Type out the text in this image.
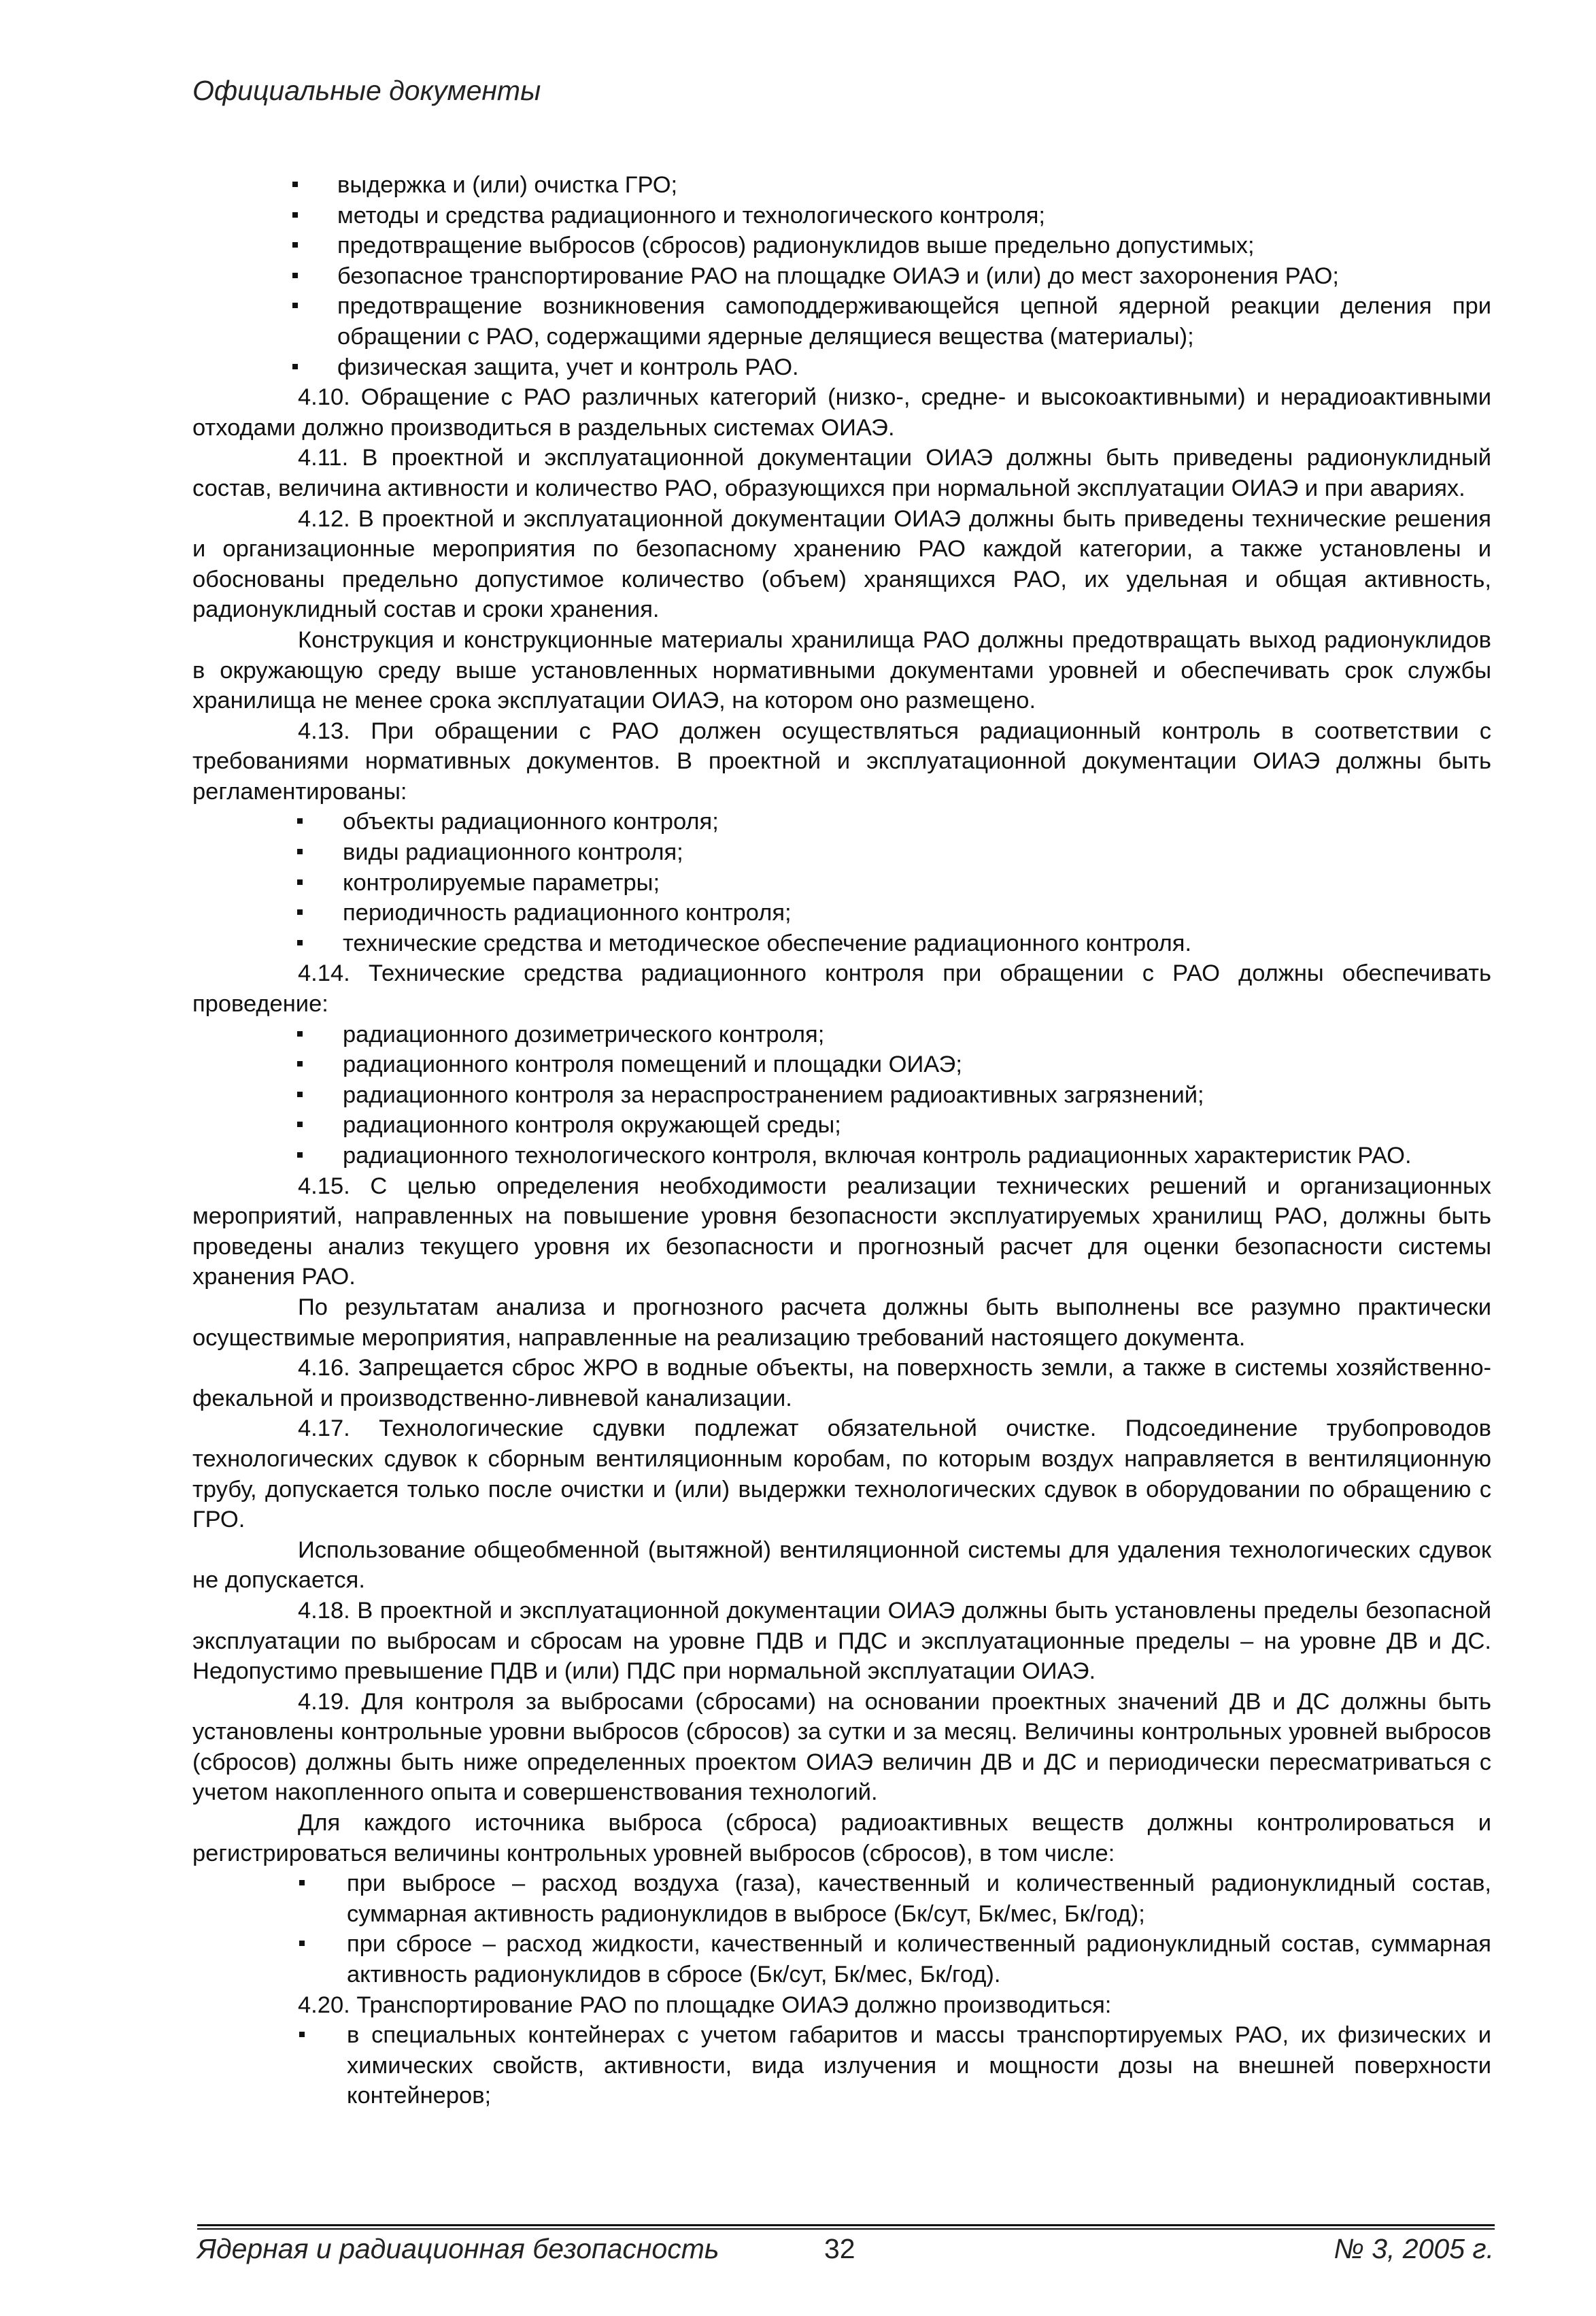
Официальные документы
выдержка и (или) очистка ГРО;
методы и средства радиационного и технологического контроля;
предотвращение выбросов (сбросов) радионуклидов выше предельно допустимых;
безопасное транспортирование РАО на площадке ОИАЭ и (или) до мест захоронения РАО;
предотвращение возникновения самоподдерживающейся цепной ядерной реакции деления при обращении с РАО, содержащими ядерные делящиеся вещества (материалы);
физическая защита, учет и контроль РАО.

4.10. Обращение с РАО различных категорий (низко-, средне- и высокоактивными) и нерадиоактивными отходами должно производиться в раздельных системах ОИАЭ.

4.11. В проектной и эксплуатационной документации ОИАЭ должны быть приведены радионуклидный состав, величина активности и количество РАО, образующихся при нормальной эксплуатации ОИАЭ и при авариях.

4.12. В проектной и эксплуатационной документации ОИАЭ должны быть приведены технические решения и организационные мероприятия по безопасному хранению РАО каждой категории, а также установлены и обоснованы предельно допустимое количество (объем) хранящихся РАО, их удельная и общая активность, радионуклидный состав и сроки хранения.

Конструкция и конструкционные материалы хранилища РАО должны предотвращать выход радионуклидов в окружающую среду выше установленных нормативными документами уровней и обеспечивать срок службы хранилища не менее срока эксплуатации ОИАЭ, на котором оно размещено.

4.13. При обращении с РАО должен осуществляться радиационный контроль в соответствии с требованиями нормативных документов. В проектной и эксплуатационной документации ОИАЭ должны быть регламентированы:

объекты радиационного контроля;
виды радиационного контроля;
контролируемые параметры;
периодичность радиационного контроля;
технические средства и методическое обеспечение радиационного контроля.

4.14. Технические средства радиационного контроля при обращении с РАО должны обеспечивать проведение:

радиационного дозиметрического контроля;
радиационного контроля помещений и площадки ОИАЭ;
радиационного контроля за нераспространением радиоактивных загрязнений;
радиационного контроля окружающей среды;
радиационного технологического контроля, включая контроль радиационных характеристик РАО.

4.15. С целью определения необходимости реализации технических решений и организационных мероприятий, направленных на повышение уровня безопасности эксплуатируемых хранилищ РАО, должны быть проведены анализ текущего уровня их безопасности и прогнозный расчет для оценки безопасности системы хранения РАО.

По результатам анализа и прогнозного расчета должны быть выполнены все разумно практически осуществимые мероприятия, направленные на реализацию требований настоящего документа.

4.16. Запрещается сброс ЖРО в водные объекты, на поверхность земли, а также в системы хозяйственно-фекальной и производственно-ливневой канализации.

4.17. Технологические сдувки подлежат обязательной очистке. Подсоединение трубопроводов технологических сдувок к сборным вентиляционным коробам, по которым воздух направляется в вентиляционную трубу, допускается только после очистки и (или) выдержки технологических сдувок в оборудовании по обращению с ГРО.

Использование общеобменной (вытяжной) вентиляционной системы для удаления технологических сдувок не допускается.

4.18. В проектной и эксплуатационной документации ОИАЭ должны быть установлены пределы безопасной эксплуатации по выбросам и сбросам на уровне ПДВ и ПДС и эксплуатационные пределы – на уровне ДВ и ДС. Недопустимо превышение ПДВ и (или) ПДС при нормальной эксплуатации ОИАЭ.

4.19. Для контроля за выбросами (сбросами) на основании проектных значений ДВ и ДС должны быть установлены контрольные уровни выбросов (сбросов) за сутки и за месяц. Величины контрольных уровней выбросов (сбросов) должны быть ниже определенных проектом ОИАЭ величин ДВ и ДС и периодически пересматриваться с учетом накопленного опыта и совершенствования технологий.

Для каждого источника выброса (сброса) радиоактивных веществ должны контролироваться и регистрироваться величины контрольных уровней выбросов (сбросов), в том числе:

при выбросе – расход воздуха (газа), качественный и количественный радионуклидный состав, суммарная активность радионуклидов в выбросе (Бк/сут, Бк/мес, Бк/год);
при сбросе – расход жидкости, качественный и количественный радионуклидный состав, суммарная активность радионуклидов в сбросе (Бк/сут, Бк/мес, Бк/год).

4.20. Транспортирование РАО по площадке ОИАЭ должно производиться:

в специальных контейнерах с учетом габаритов и массы транспортируемых РАО, их физических и химических свойств, активности, вида излучения и мощности дозы на внешней поверхности контейнеров;
Ядерная и радиационная безопасность	32	№ 3, 2005 г.
